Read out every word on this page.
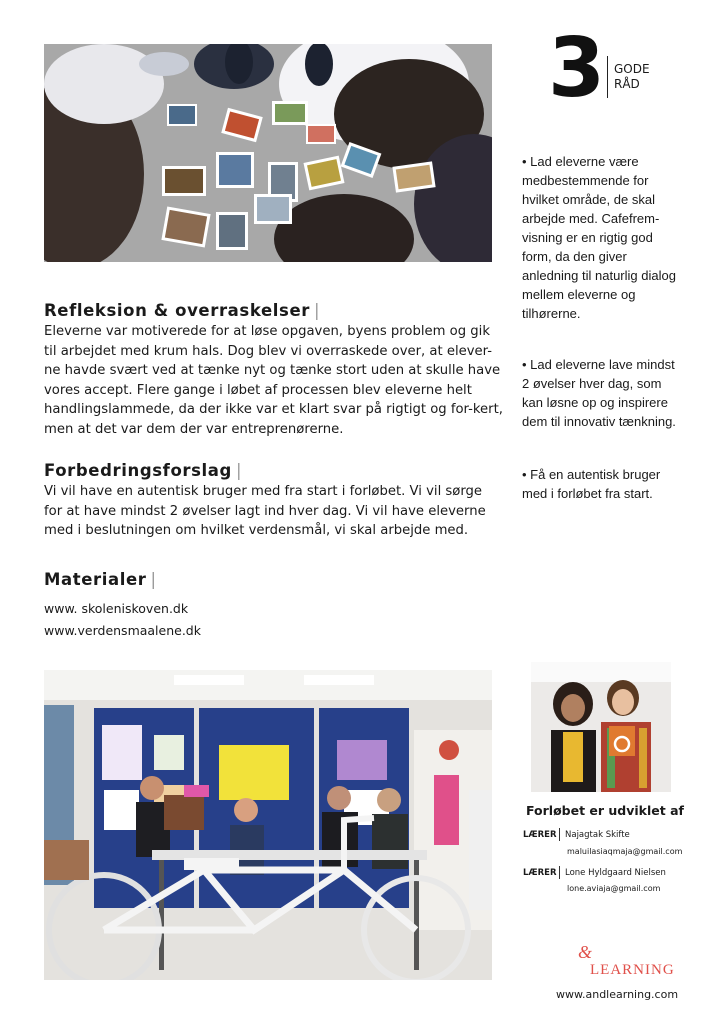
3 GODE
RÅD

• Lad eleverne være medbestemmende for hvilket område, de skal arbejde med. Cafefrem-visning er en rigtig god form, da den giver anledning til naturlig dialog mellem eleverne og tilhørerne.

• Lad eleverne lave mindst 2 øvelser hver dag, som kan løsne op og inspirere dem til innovativ tænkning.

• Få en autentisk bruger med i forløbet fra start.

Refleksion & overraskelser |

Eleverne var motiverede for at løse opgaven, byens problem og gik til arbejdet med krum hals. Dog blev vi overraskede over, at elever-ne havde svært ved at tænke nyt og tænke stort uden at skulle have vores accept. Flere gange i løbet af processen blev eleverne helt handlingslammede, da der ikke var et klart svar på rigtigt og for-kert, men at det var dem der var entreprenørerne.

Forbedringsforslag |

Vi vil have en autentisk bruger med fra start i forløbet. Vi vil sørge for at have mindst 2 øvelser lagt ind hver dag. Vi vil have eleverne med i beslutningen om hvilket verdensmål, vi skal arbejde med.

Materialer |
www. skoleniskoven.dk
www.verdensmaalene.dk
Forløbet er udviklet af
LÆRER Najagtak Skifte
maluilasiaqmaja@gmail.com
LÆRER Lone Hyldgaard Nielsen
lone.aviaja@gmail.com
&
LEARNING
www.andlearning.com
